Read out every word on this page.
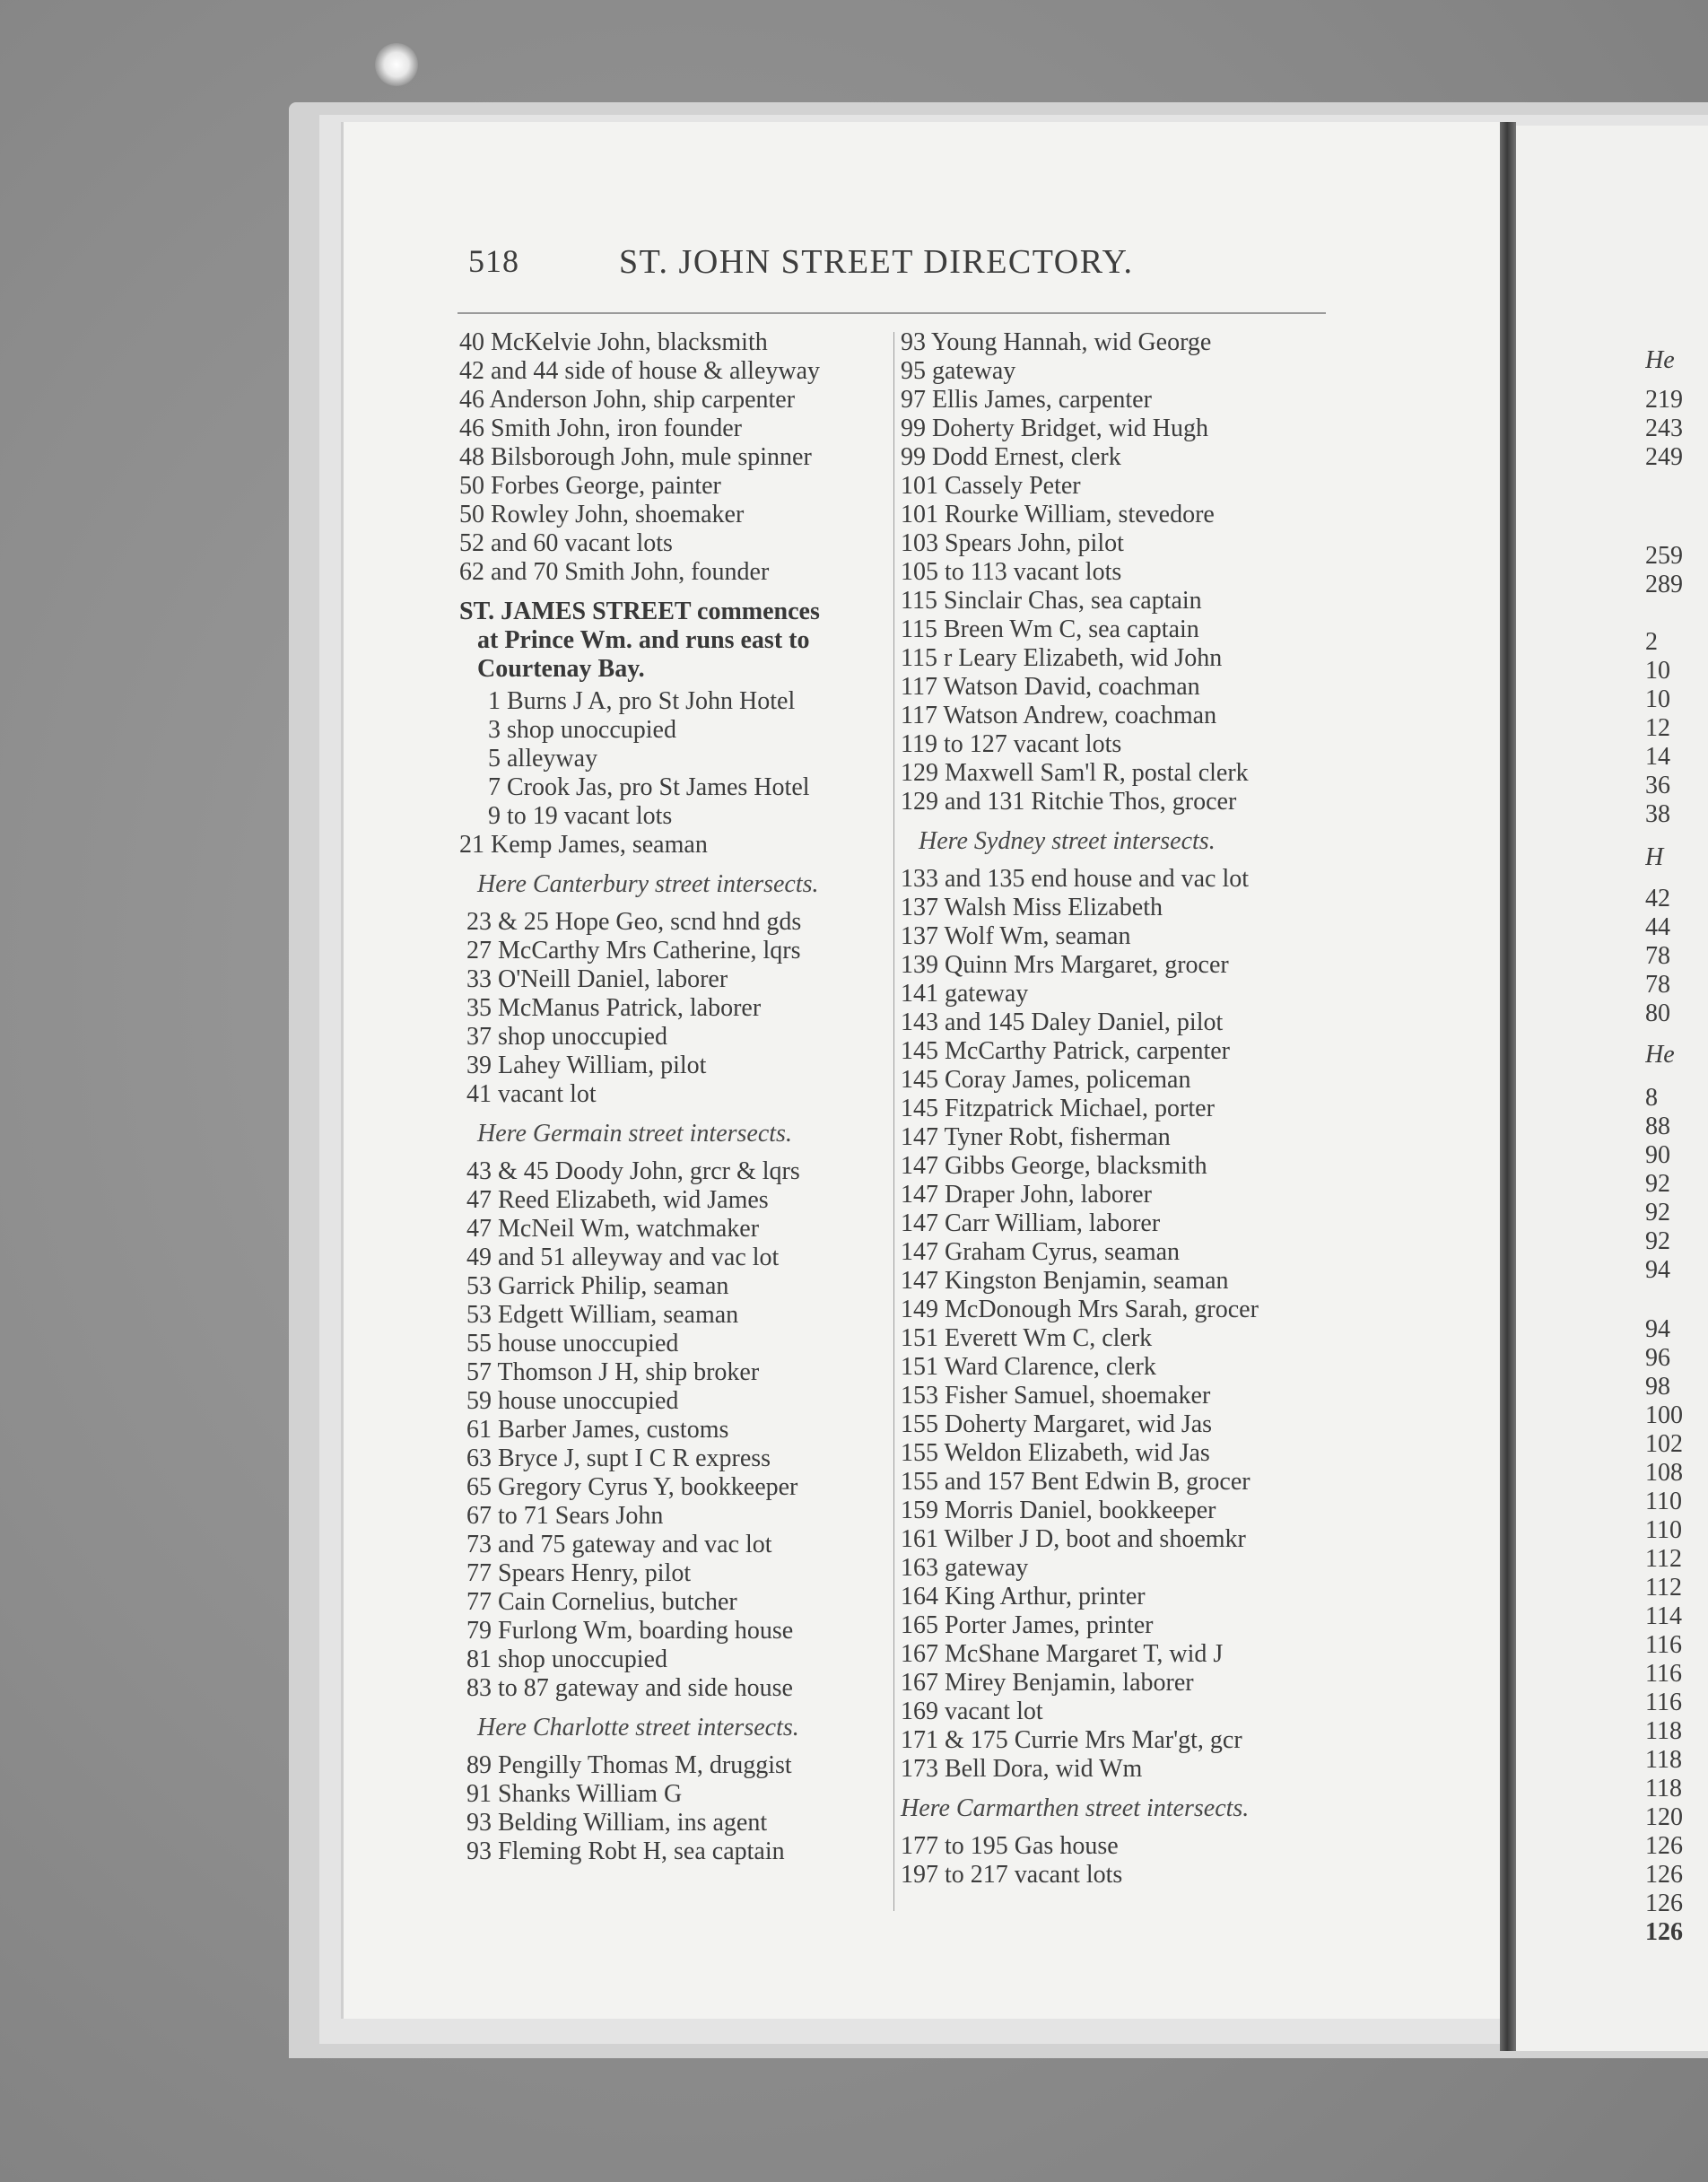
518	ST. JOHN STREET DIRECTORY.
40 McKelvie John, blacksmith
42 and 44 side of house & alleyway
46 Anderson John, ship carpenter
46 Smith John, iron founder
48 Bilsborough John, mule spinner
50 Forbes George, painter
50 Rowley John, shoemaker
52 and 60 vacant lots
62 and 70 Smith John, founder
ST. JAMES STREET commences
at Prince Wm. and runs east to
Courtenay Bay.
1 Burns J A, pro St John Hotel
3 shop unoccupied
5 alleyway
7 Crook Jas, pro St James Hotel
9 to 19 vacant lots
21 Kemp James, seaman
Here Canterbury street intersects.
23 & 25 Hope Geo, scnd hnd gds
27 McCarthy Mrs Catherine, lqrs
33 O'Neill Daniel, laborer
35 McManus Patrick, laborer
37 shop unoccupied
39 Lahey William, pilot
41 vacant lot
Here Germain street intersects.
43 & 45 Doody John, grcr & lqrs
47 Reed Elizabeth, wid James
47 McNeil Wm, watchmaker
49 and 51 alleyway and vac lot
53 Garrick Philip, seaman
53 Edgett William, seaman
55 house unoccupied
57 Thomson J H, ship broker
59 house unoccupied
61 Barber James, customs
63 Bryce J, supt I C R express
65 Gregory Cyrus Y, bookkeeper
67 to 71 Sears John
73 and 75 gateway and vac lot
77 Spears Henry, pilot
77 Cain Cornelius, butcher
79 Furlong Wm, boarding house
81 shop unoccupied
83 to 87 gateway and side house
Here Charlotte street intersects.
89 Pengilly Thomas M, druggist
91 Shanks William G
93 Belding William, ins agent
93 Fleming Robt H, sea captain
93 Young Hannah, wid George
95 gateway
97 Ellis James, carpenter
99 Doherty Bridget, wid Hugh
99 Dodd Ernest, clerk
101 Cassely Peter
101 Rourke William, stevedore
103 Spears John, pilot
105 to 113 vacant lots
115 Sinclair Chas, sea captain
115 Breen Wm C, sea captain
115 r Leary Elizabeth, wid John
117 Watson David, coachman
117 Watson Andrew, coachman
119 to 127 vacant lots
129 Maxwell Sam'l R, postal clerk
129 and 131 Ritchie Thos, grocer
Here Sydney street intersects.
133 and 135 end house and vac lot
137 Walsh Miss Elizabeth
137 Wolf Wm, seaman
139 Quinn Mrs Margaret, grocer
141 gateway
143 and 145 Daley Daniel, pilot
145 McCarthy Patrick, carpenter
145 Coray James, policeman
145 Fitzpatrick Michael, porter
147 Tyner Robt, fisherman
147 Gibbs George, blacksmith
147 Draper John, laborer
147 Carr William, laborer
147 Graham Cyrus, seaman
147 Kingston Benjamin, seaman
149 McDonough Mrs Sarah, grocer
151 Everett Wm C, clerk
151 Ward Clarence, clerk
153 Fisher Samuel, shoemaker
155 Doherty Margaret, wid Jas
155 Weldon Elizabeth, wid Jas
155 and 157 Bent Edwin B, grocer
159 Morris Daniel, bookkeeper
161 Wilber J D, boot and shoemkr
163 gateway
164 King Arthur, printer
165 Porter James, printer
167 McShane Margaret T, wid J
167 Mirey Benjamin, laborer
169 vacant lot
171 & 175 Currie Mrs Mar'gt, gcr
173 Bell Dora, wid Wm
Here Carmarthen street intersects.
177 to 195 Gas house
197 to 217 vacant lots
He
219
243
249
259
289
2
10
10
12
14
36
38
H
42
44
78
78
80
He
8
88
90
92
92
92
94
94
96
98
100
102
108
110
110
112
112
114
116
116
116
118
118
118
120
126
126
126
126
